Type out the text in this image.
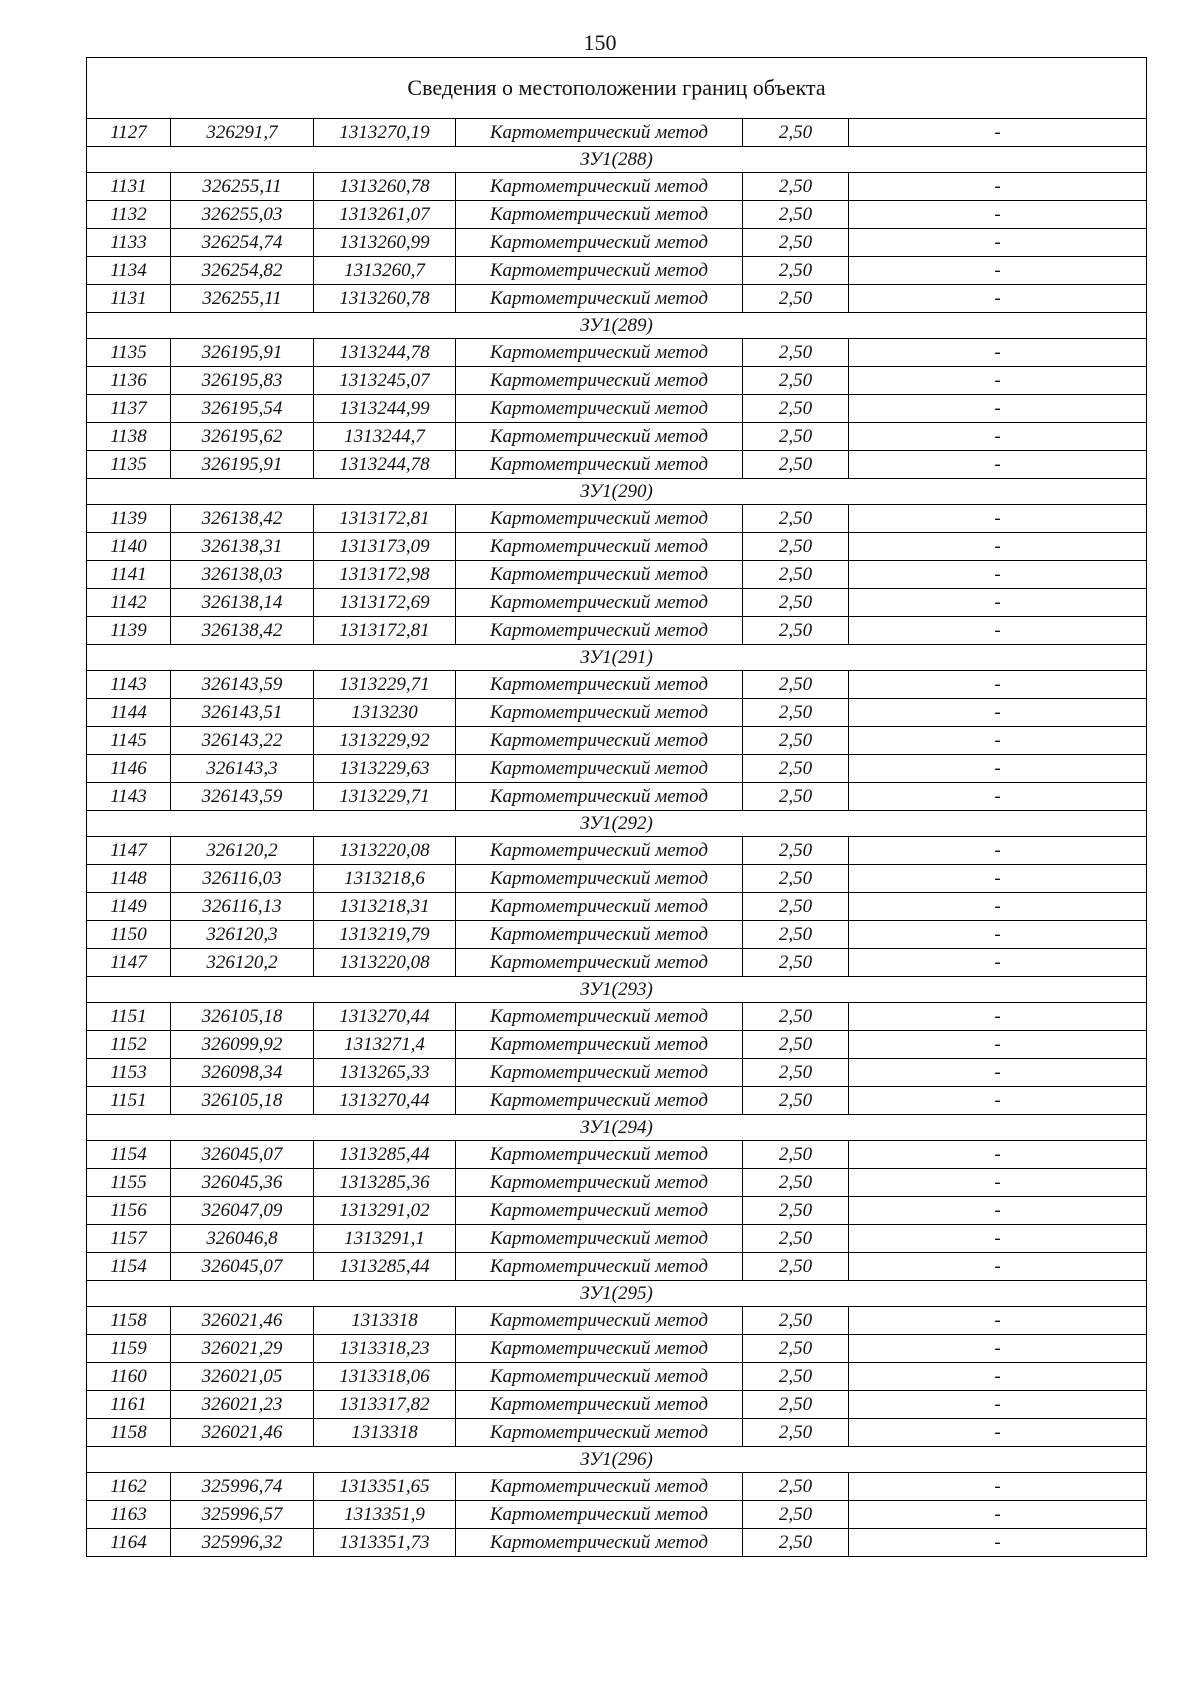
150
Сведения о местоположении границ объекта					
1127	326291,7	1313270,19	Картометрический метод	2,50	-
ЗУ1(288)					
1131	326255,11	1313260,78	Картометрический метод	2,50	-
1132	326255,03	1313261,07	Картометрический метод	2,50	-
1133	326254,74	1313260,99	Картометрический метод	2,50	-
1134	326254,82	1313260,7	Картометрический метод	2,50	-
1131	326255,11	1313260,78	Картометрический метод	2,50	-
ЗУ1(289)					
1135	326195,91	1313244,78	Картометрический метод	2,50	-
1136	326195,83	1313245,07	Картометрический метод	2,50	-
1137	326195,54	1313244,99	Картометрический метод	2,50	-
1138	326195,62	1313244,7	Картометрический метод	2,50	-
1135	326195,91	1313244,78	Картометрический метод	2,50	-
ЗУ1(290)					
1139	326138,42	1313172,81	Картометрический метод	2,50	-
1140	326138,31	1313173,09	Картометрический метод	2,50	-
1141	326138,03	1313172,98	Картометрический метод	2,50	-
1142	326138,14	1313172,69	Картометрический метод	2,50	-
1139	326138,42	1313172,81	Картометрический метод	2,50	-
ЗУ1(291)					
1143	326143,59	1313229,71	Картометрический метод	2,50	-
1144	326143,51	1313230	Картометрический метод	2,50	-
1145	326143,22	1313229,92	Картометрический метод	2,50	-
1146	326143,3	1313229,63	Картометрический метод	2,50	-
1143	326143,59	1313229,71	Картометрический метод	2,50	-
ЗУ1(292)					
1147	326120,2	1313220,08	Картометрический метод	2,50	-
1148	326116,03	1313218,6	Картометрический метод	2,50	-
1149	326116,13	1313218,31	Картометрический метод	2,50	-
1150	326120,3	1313219,79	Картометрический метод	2,50	-
1147	326120,2	1313220,08	Картометрический метод	2,50	-
ЗУ1(293)					
1151	326105,18	1313270,44	Картометрический метод	2,50	-
1152	326099,92	1313271,4	Картометрический метод	2,50	-
1153	326098,34	1313265,33	Картометрический метод	2,50	-
1151	326105,18	1313270,44	Картометрический метод	2,50	-
ЗУ1(294)					
1154	326045,07	1313285,44	Картометрический метод	2,50	-
1155	326045,36	1313285,36	Картометрический метод	2,50	-
1156	326047,09	1313291,02	Картометрический метод	2,50	-
1157	326046,8	1313291,1	Картометрический метод	2,50	-
1154	326045,07	1313285,44	Картометрический метод	2,50	-
ЗУ1(295)					
1158	326021,46	1313318	Картометрический метод	2,50	-
1159	326021,29	1313318,23	Картометрический метод	2,50	-
1160	326021,05	1313318,06	Картометрический метод	2,50	-
1161	326021,23	1313317,82	Картометрический метод	2,50	-
1158	326021,46	1313318	Картометрический метод	2,50	-
ЗУ1(296)					
1162	325996,74	1313351,65	Картометрический метод	2,50	-
1163	325996,57	1313351,9	Картометрический метод	2,50	-
1164	325996,32	1313351,73	Картометрический метод	2,50	-
